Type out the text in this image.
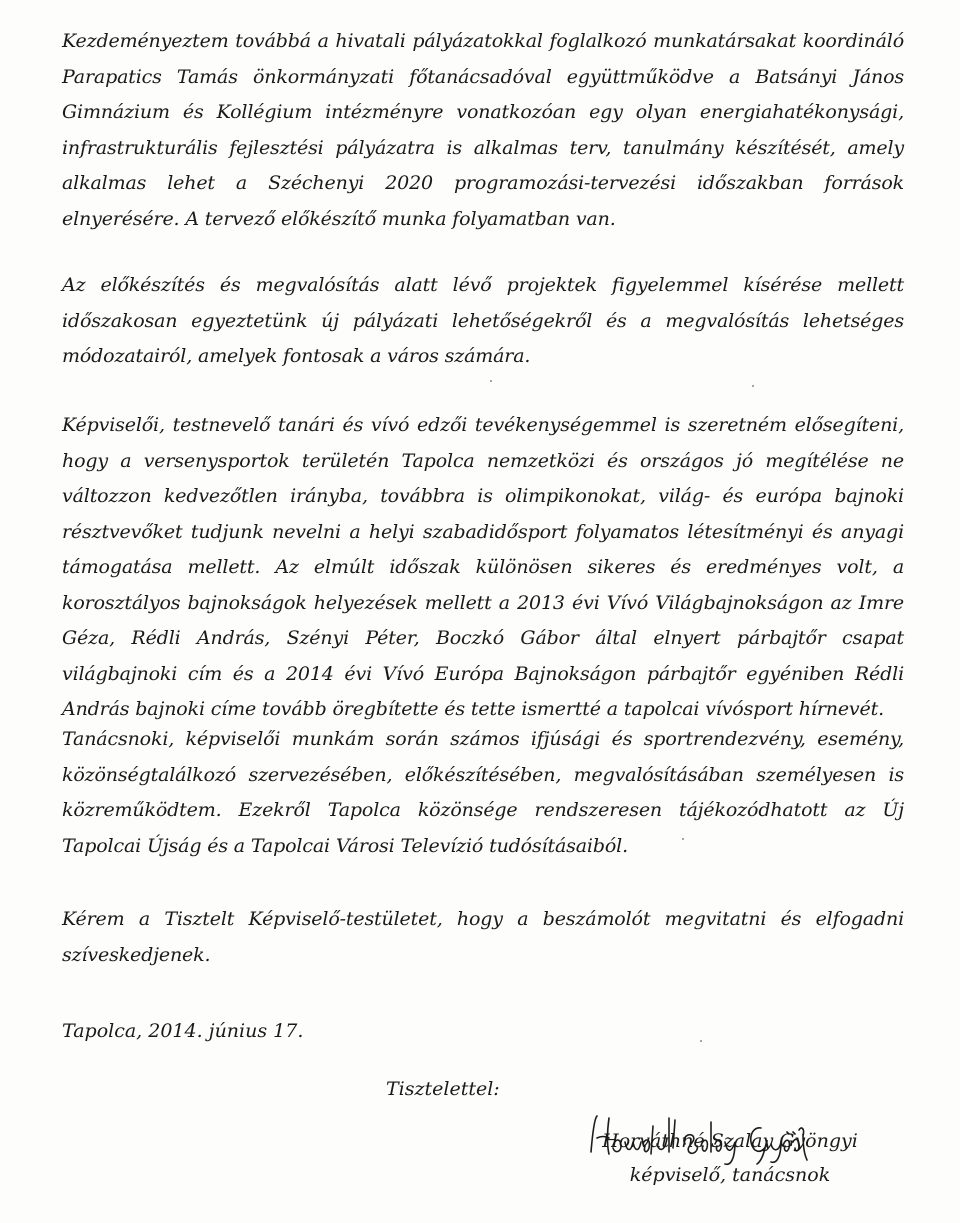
Kezdeményeztem továbbá a hivatali pályázatokkal foglalkozó munkatársakat koordináló Parapatics Tamás önkormányzati főtanácsadóval együttműködve a Batsányi János Gimnázium és Kollégium intézményre vonatkozóan egy olyan energiahatékonysági, infrastrukturális fejlesztési pályázatra is alkalmas terv, tanulmány készítését, amely alkalmas lehet a Széchenyi 2020 programozási-tervezési időszakban források elnyerésére. A tervező előkészítő munka folyamatban van.

Az előkészítés és megvalósítás alatt lévő projektek figyelemmel kísérése mellett időszakosan egyeztetünk új pályázati lehetőségekről és a megvalósítás lehetséges módozatairól, amelyek fontosak a város számára.

Képviselői, testnevelő tanári és vívó edzői tevékenységemmel is szeretném elősegíteni, hogy a versenysportok területén Tapolca nemzetközi és országos jó megítélése ne változzon kedvezőtlen irányba, továbbra is olimpikonokat, világ- és európa bajnoki résztvevőket tudjunk nevelni a helyi szabadidősport folyamatos létesítményi és anyagi támogatása mellett. Az elmúlt időszak különösen sikeres és eredményes volt, a korosztályos bajnokságok helyezések mellett a 2013 évi Vívó Világbajnokságon az Imre Géza, Rédli András, Szényi Péter, Boczkó Gábor által elnyert párbajtőr csapat világbajnoki cím és a 2014 évi Vívó Európa Bajnokságon párbajtőr egyéniben Rédli András bajnoki címe tovább öregbítette és tette ismertté a tapolcai vívósport hírnevét.

Tanácsnoki, képviselői munkám során számos ifjúsági és sportrendezvény, esemény, közönségtalálkozó szervezésében, előkészítésében, megvalósításában személyesen is közreműködtem. Ezekről Tapolca közönsége rendszeresen tájékozódhatott az Új Tapolcai Újság és a Tapolcai Városi Televízió tudósításaiból.

Kérem a Tisztelt Képviselő-testületet, hogy a beszámolót megvitatni és elfogadni szíveskedjenek.

Tapolca, 2014. június 17.

Tisztelettel:

Horváthné Szalay Gyöngyi

képviselő, tanácsnok
